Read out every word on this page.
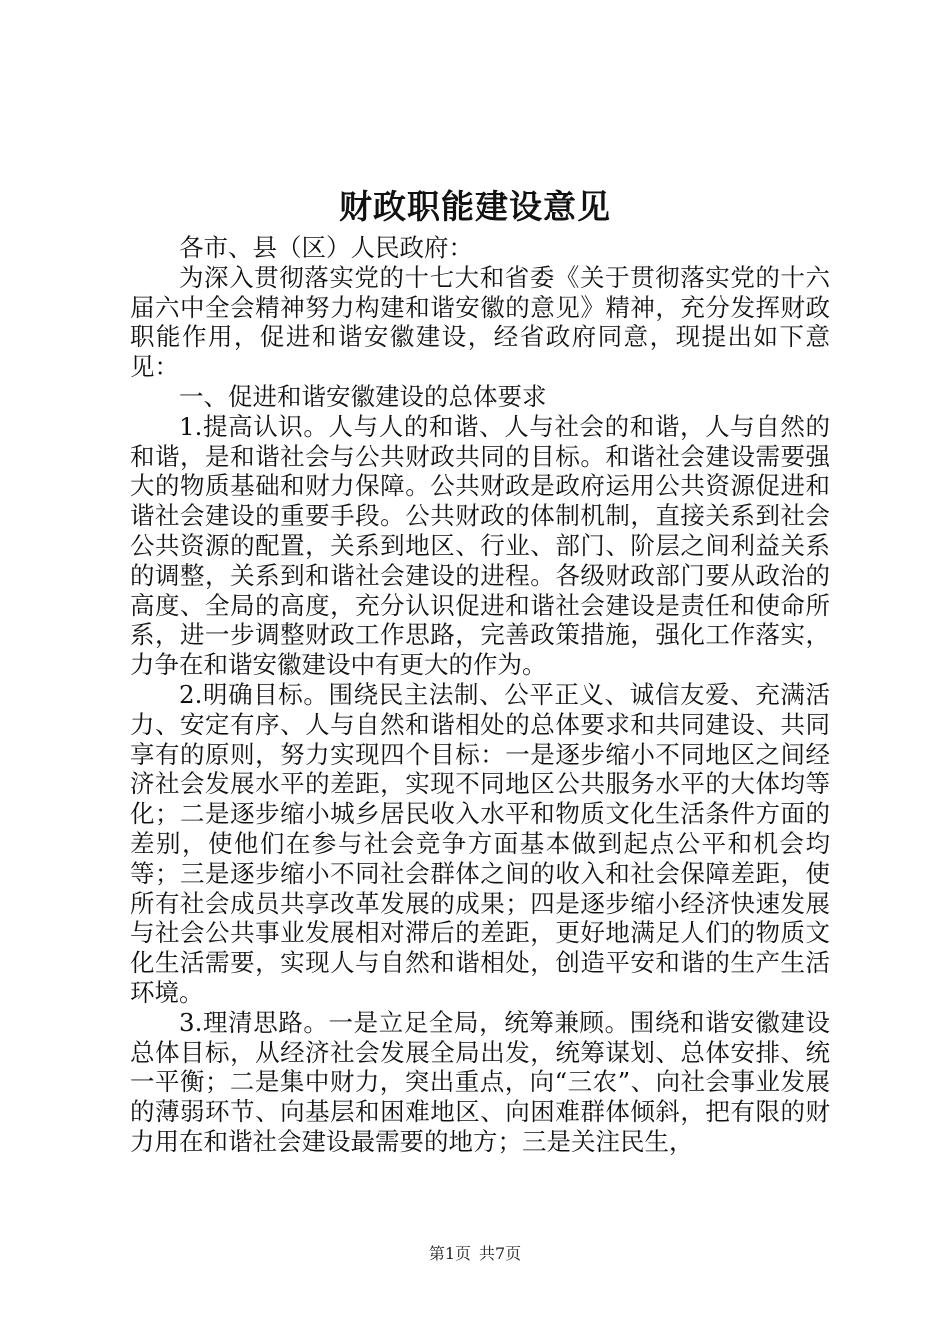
财政职能建设意见

各市、县（区）人民政府：

为深入贯彻落实党的十七大和省委《关于贯彻落实党的十六届六中全会精神努力构建和谐安徽的意见》精神，充分发挥财政职能作用，促进和谐安徽建设，经省政府同意，现提出如下意见：

一、促进和谐安徽建设的总体要求

1.提高认识。人与人的和谐、人与社会的和谐，人与自然的和谐，是和谐社会与公共财政共同的目标。和谐社会建设需要强大的物质基础和财力保障。公共财政是政府运用公共资源促进和谐社会建设的重要手段。公共财政的体制机制，直接关系到社会公共资源的配置，关系到地区、行业、部门、阶层之间利益关系的调整，关系到和谐社会建设的进程。各级财政部门要从政治的高度、全局的高度，充分认识促进和谐社会建设是责任和使命所系，进一步调整财政工作思路，完善政策措施，强化工作落实，力争在和谐安徽建设中有更大的作为。

2.明确目标。围绕民主法制、公平正义、诚信友爱、充满活力、安定有序、人与自然和谐相处的总体要求和共同建设、共同享有的原则，努力实现四个目标：一是逐步缩小不同地区之间经济社会发展水平的差距，实现不同地区公共服务水平的大体均等化；二是逐步缩小城乡居民收入水平和物质文化生活条件方面的差别，使他们在参与社会竞争方面基本做到起点公平和机会均等；三是逐步缩小不同社会群体之间的收入和社会保障差距，使所有社会成员共享改革发展的成果；四是逐步缩小经济快速发展与社会公共事业发展相对滞后的差距，更好地满足人们的物质文化生活需要，实现人与自然和谐相处，创造平安和谐的生产生活环境。

3.理清思路。一是立足全局，统筹兼顾。围绕和谐安徽建设总体目标，从经济社会发展全局出发，统筹谋划、总体安排、统一平衡；二是集中财力，突出重点，向“三农”、向社会事业发展的薄弱环节、向基层和困难地区、向困难群体倾斜，把有限的财力用在和谐社会建设最需要的地方；三是关注民生，

第1页 共7页
